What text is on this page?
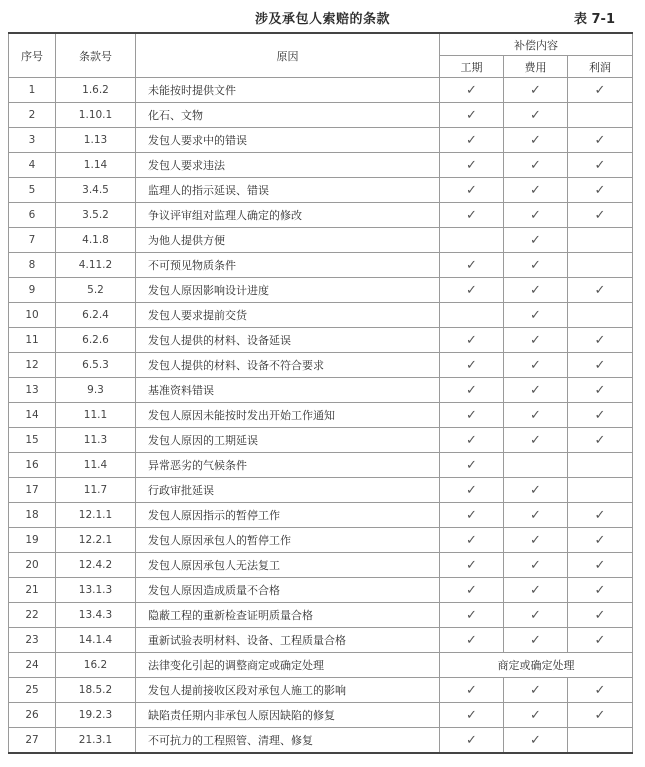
涉及承包人索赔的条款	表 7-1
序号	条款号	原因	补偿内容		
			工期	费用	利润
1	1.6.2	未能按时提供文件	✓	✓	✓
2	1.10.1	化石、文物	✓	✓	
3	1.13	发包人要求中的错误	✓	✓	✓
4	1.14	发包人要求违法	✓	✓	✓
5	3.4.5	监理人的指示延误、错误	✓	✓	✓
6	3.5.2	争议评审组对监理人确定的修改	✓	✓	✓
7	4.1.8	为他人提供方便		✓	
8	4.11.2	不可预见物质条件	✓	✓	
9	5.2	发包人原因影响设计进度	✓	✓	✓
10	6.2.4	发包人要求提前交货		✓	
11	6.2.6	发包人提供的材料、设备延误	✓	✓	✓
12	6.5.3	发包人提供的材料、设备不符合要求	✓	✓	✓
13	9.3	基准资料错误	✓	✓	✓
14	11.1	发包人原因未能按时发出开始工作通知	✓	✓	✓
15	11.3	发包人原因的工期延误	✓	✓	✓
16	11.4	异常恶劣的气候条件	✓		
17	11.7	行政审批延误	✓	✓	
18	12.1.1	发包人原因指示的暂停工作	✓	✓	✓
19	12.2.1	发包人原因承包人的暂停工作	✓	✓	✓
20	12.4.2	发包人原因承包人无法复工	✓	✓	✓
21	13.1.3	发包人原因造成质量不合格	✓	✓	✓
22	13.4.3	隐蔽工程的重新检查证明质量合格	✓	✓	✓
23	14.1.4	重新试验表明材料、设备、工程质量合格	✓	✓	✓
24	16.2	法律变化引起的调整商定或确定处理	商定或确定处理		
25	18.5.2	发包人提前接收区段对承包人施工的影响	✓	✓	✓
26	19.2.3	缺陷责任期内非承包人原因缺陷的修复	✓	✓	✓
27	21.3.1	不可抗力的工程照管、清理、修复	✓	✓	
